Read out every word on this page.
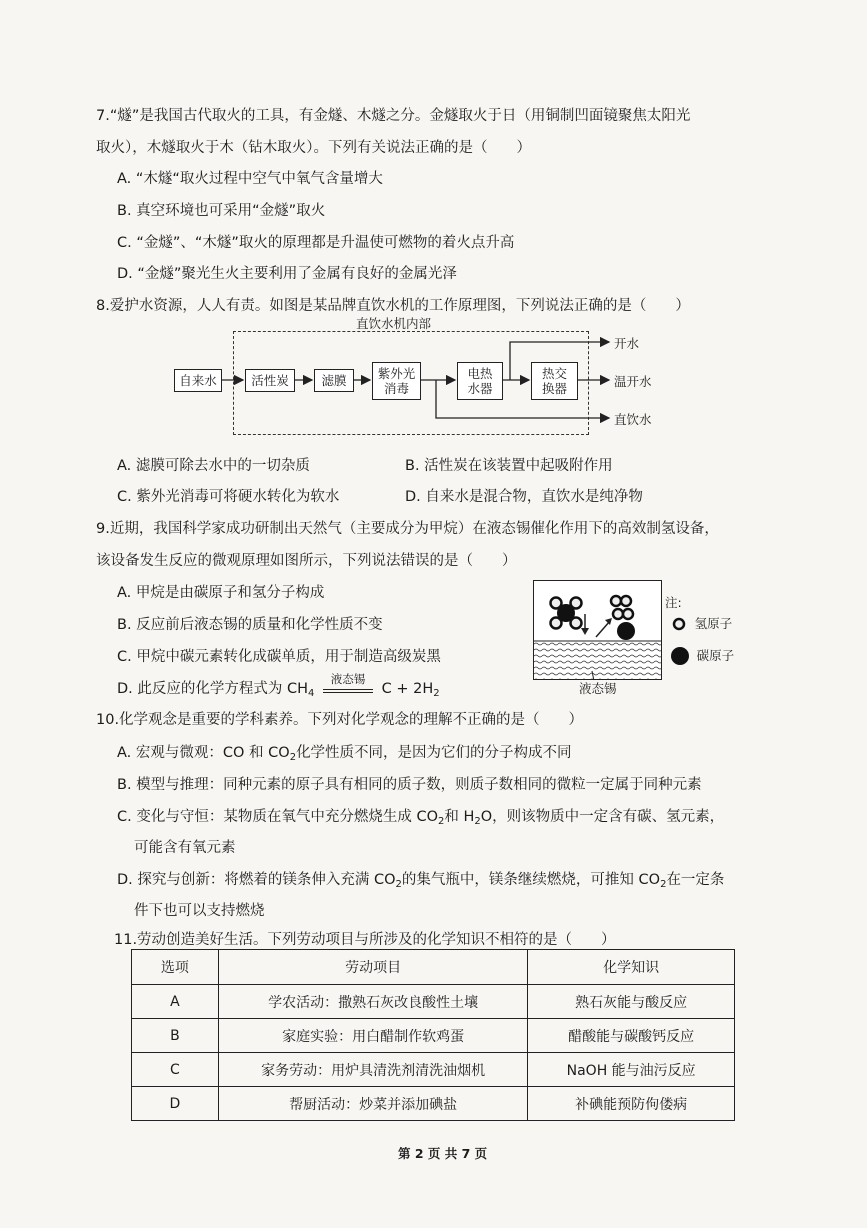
7.“燧”是我国古代取火的工具，有金燧、木燧之分。金燧取火于日（用铜制凹面镜聚焦太阳光
取火），木燧取火于木（钻木取火）。下列有关说法正确的是（　　）
A. “木燧“取火过程中空气中氧气含量增大
B. 真空环境也可采用“金燧”取火
C. “金燧”、“木燧”取火的原理都是升温使可燃物的着火点升高
D. “金燧”聚光生火主要利用了金属有良好的金属光泽
8.爱护水资源，人人有责。如图是某品牌直饮水机的工作原理图，下列说法正确的是（　　）
直饮水机内部
自来水	活性炭	滤膜 紫外光
消毒
电热
水器
热交
换器
开水
温开水
直饮水
A. 滤膜可除去水中的一切杂质	B. 活性炭在该装置中起吸附作用
C. 紫外光消毒可将硬水转化为软水	D. 自来水是混合物，直饮水是纯净物
9.近期，我国科学家成功研制出天然气（主要成分为甲烷）在液态锡催化作用下的高效制氢设备，
该设备发生反应的微观原理如图所示，下列说法错误的是（　　）
A. 甲烷是由碳原子和氢分子构成
B. 反应前后液态锡的质量和化学性质不变
C. 甲烷中碳元素转化成碳单质，用于制造高级炭黑
D. 此反应的化学方程式为 $CH_4$
液态锡
$C + 2H_2$	液态锡
注:
氢原子
碳原子
10.化学观念是重要的学科素养。下列对化学观念的理解不正确的是（　　）
A. 宏观与微观：CO 和 $CO_2$化学性质不同，是因为它们的分子构成不同
B. 模型与推理：同种元素的原子具有相同的质子数，则质子数相同的微粒一定属于同种元素
C. 变化与守恒：某物质在氧气中充分燃烧生成 $CO_2$和 $H_2O$，则该物质中一定含有碳、氢元素，
可能含有氧元素
D. 探究与创新：将燃着的镁条伸入充满 $CO_2$的集气瓶中，镁条继续燃烧，可推知 $CO_2$在一定条
件下也可以支持燃烧
11.劳动创造美好生活。下列劳动项目与所涉及的化学知识不相符的是（　　）
选项	劳动项目	化学知识
A	学农活动：撒熟石灰改良酸性土壤	熟石灰能与酸反应
B	家庭实验：用白醋制作软鸡蛋	醋酸能与碳酸钙反应
C	家务劳动：用炉具清洗剂清洗油烟机	NaOH 能与油污反应
D	帮厨活动：炒菜并添加碘盐	补碘能预防佝偻病
第 2 页 共 7 页
